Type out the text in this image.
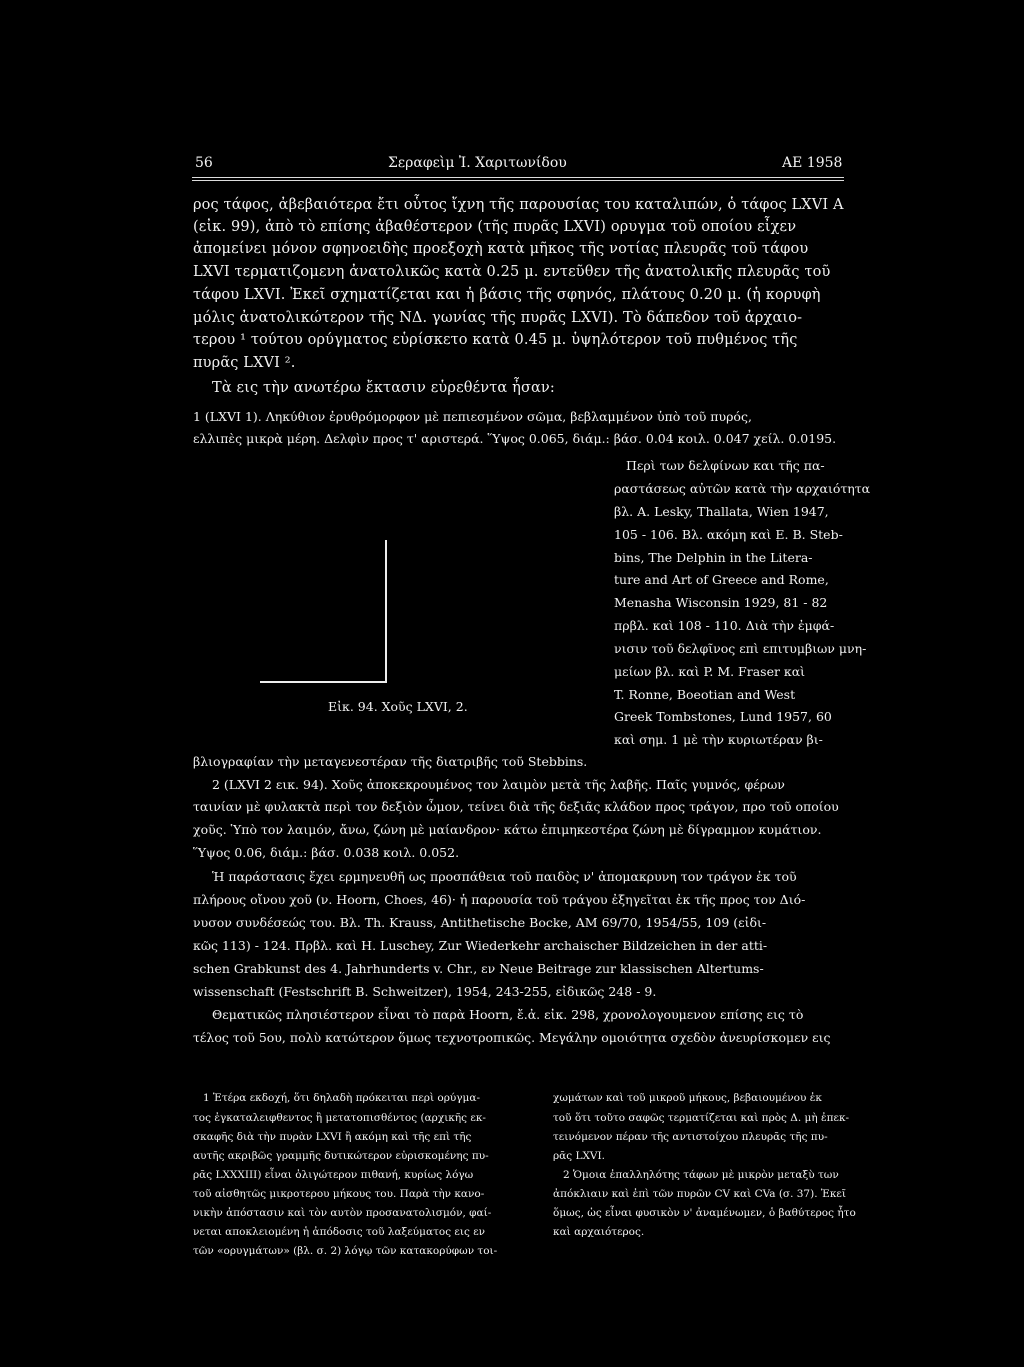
56	Σεραφεὶμ Ἰ. Χαριτωνίδου	ΑΕ 1958
ρος τάφος, ἀβεβαιότερα ἔτι οὗτος ἴχνη τῆς παρουσίας του καταλιπών, ὁ τάφος LXVI A
(εἰκ. 99), ἀπὸ τὸ επίσης ἀβαθέστερον (τῆς πυρᾶς LXVI) ορυγμα τοῦ οποίου εἶχεν
ἀπομείνει μόνον σφηνοειδὴς προεξοχὴ κατὰ μῆκος τῆς νοτίας πλευρᾶς τοῦ τάφου
LXVI τερματιζομενη ἀνατολικῶς κατὰ 0.25 μ. εντεῦθεν τῆς ἀνατολικῆς πλευρᾶς τοῦ
τάφου LXVI. Ἐκεῖ σχηματίζεται και ἡ βάσις τῆς σφηνός, πλάτους 0.20 μ. (ἡ κορυφὴ
μόλις ἀνατολικώτερον τῆς ΝΔ. γωνίας τῆς πυρᾶς LXVI). Τὸ δάπεδον τοῦ ἀρχαιο-
τερου ¹ τούτου ορύγματος εὑρίσκετο κατὰ 0.45 μ. ὑψηλότερον τοῦ πυθμένος τῆς
πυρᾶς LXVI ².
Τὰ εις τὴν ανωτέρω ἔκτασιν εὑρεθέντα ἦσαν:
1 (LXVI 1). Ληκύθιον ἐρυθρόμορφον μὲ πεπιεσμένον σῶμα, βεβλαμμένον ὑπὸ τοῦ πυρός,
ελλιπὲς μικρὰ μέρη. Δελφὶν προς τ' αριστερά. Ὕψος 0.065, διάμ.: βάσ. 0.04 κοιλ. 0.047 χείλ. 0.0195.
Εἰκ. 94. Χοῦς LXVI, 2.
Περὶ των δελφίνων και τῆς πα-
ραστάσεως αὐτῶν κατὰ τὴν αρχαιότητα
βλ. Α. Lesky, Thallata, Wien 1947,
105 - 106. Βλ. ακόμη καὶ Ε. Β. Steb-
bins, The Delphin in the Litera-
ture and Art of Greece and Rome,
Menasha Wisconsin 1929, 81 - 82
πρβλ. καὶ 108 - 110. Διὰ τὴν ἐμφά-
νισιν τοῦ δελφῖνος επὶ επιτυμβιων μνη-
μείων βλ. καὶ P. M. Fraser καὶ
T. Ronne, Boeotian and West
Greek Tombstones, Lund 1957, 60
καὶ σημ. 1 μὲ τὴν κυριωτέραν βι-
βλιογραφίαν τὴν μεταγενεστέραν τῆς διατριβῆς τοῦ Stebbins.
2 (LXVI 2 εικ. 94). Χοῦς ἀποκεκρουμένος τον λαιμὸν μετὰ τῆς λαβῆς. Παῖς γυμνός, φέρων
ταινίαν μὲ φυλακτὰ περὶ τον δεξιὸν ὦμον, τείνει διὰ τῆς δεξιᾶς κλάδον προς τράγον, προ τοῦ οποίου
χοῦς. Ὑπὸ τον λαιμόν, ἄνω, ζώνη μὲ μαίανδρον· κάτω ἐπιμηκεστέρα ζώνη μὲ δίγραμμον κυμάτιον.
Ὕψος 0.06, διάμ.: βάσ. 0.038 κοιλ. 0.052.
Ἡ παράστασις ἔχει ερμηνευθῆ ως προσπάθεια τοῦ παιδὸς ν' ἀπομακρυνη τον τράγον ἐκ τοῦ
πλήρους οἴνου χοῦ (ν. Hoorn, Choes, 46)· ἡ παρουσία τοῦ τράγου ἐξηγεῖται ἐκ τῆς προς τον Διό-
νυσον συνδέσεώς του. Βλ. Th. Krauss, Antithetische Bocke, AM 69/70, 1954/55, 109 (εἰδι-
κῶς 113) - 124. Πρβλ. καὶ H. Luschey, Zur Wiederkehr archaischer Bildzeichen in der atti-
schen Grabkunst des 4. Jahrhunderts v. Chr., εν Neue Beitrage zur klassischen Altertums-
wissenschaft (Festschrift B. Schweitzer), 1954, 243-255, εἰδικῶς 248 - 9.
Θεματικῶς πλησιέστερον εἶναι τὸ παρὰ Hoorn, ἔ.ἀ. εἰκ. 298, χρονολογουμενον επίσης εις τὸ
τέλος τοῦ 5ου, πολὺ κατώτερον ὅμως τεχνοτροπικῶς. Μεγάλην ομοιότητα σχεδὸν ἀνευρίσκομεν εις
1 Ἑτέρα εκδοχή, ὅτι δηλαδὴ πρόκειται περὶ ορύγμα-
τος ἐγκαταλειφθεντος ἢ μετατοπισθέντος (αρχικῆς εκ-
σκαφῆς διὰ τὴν πυρὰν LXVI ἢ ακόμη καὶ τῆς επὶ τῆς
αυτῆς ακριβῶς γραμμῆς δυτικώτερον εὑρισκομένης πυ-
ρᾶς LXXXIII) εἶναι ὀλιγώτερον πιθανή, κυρίως λόγω
τοῦ αἰσθητῶς μικροτερου μήκους του. Παρὰ τὴν κανο-
νικὴν ἀπόστασιν καὶ τὸν αυτὸν προσανατολισμόν, φαί-
νεται αποκλειομένη ἡ ἀπόδοσις τοῦ λαξεύματος εις εν
τῶν «ορυγμάτων» (βλ. σ. 2) λόγῳ τῶν κατακορύφων τοι-
χωμάτων καὶ τοῦ μικροῦ μήκους, βεβαιουμένου ἐκ
τοῦ ὅτι τοῦτο σαφῶς τερματίζεται καὶ πρὸς Δ. μὴ ἐπεκ-
τεινόμενον πέραν τῆς αντιστοίχου πλευρᾶς τῆς πυ-
ρᾶς LXVI.
2 Ὁμοια ἐπαλληλότης τάφων μὲ μικρὸν μεταξὺ των
ἀπόκλιαιν καὶ ἐπὶ τῶν πυρῶν CV καὶ CVa (σ. 37). Ἐκεῖ
ὅμως, ὡς εἶναι φυσικὸν ν' ἀναμένωμεν, ὁ βαθύτερος ἦτο
καὶ αρχαιότερος.
